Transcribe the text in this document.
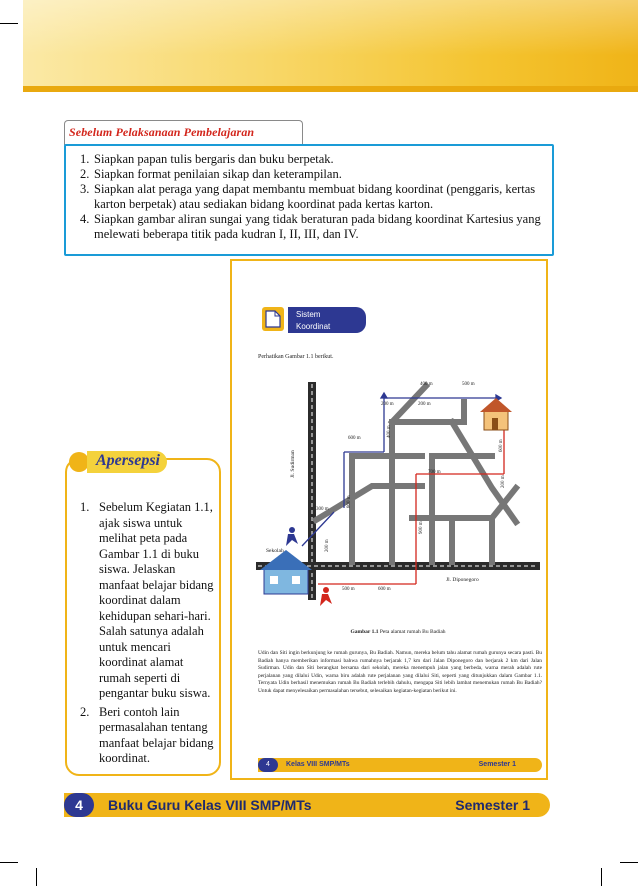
Sebelum Pelaksanaan Pembelajaran
1. Siapkan papan tulis bergaris dan buku berpetak.
2. Siapkan format penilaian sikap dan keterampilan.
3. Siapkan alat peraga yang dapat membantu membuat bidang koordinat (penggaris, kertas karton berpetak) atau sediakan bidang koordinat pada kertas karton.
4. Siapkan gambar aliran sungai yang tidak beraturan pada bidang koordinat Kartesius yang melewati beberapa titik pada kudran I, II, III, dan IV.
Sistem
Koordinat
Perhatikan Gambar 1.1 berikut.
Jl. Sudirman
Jl. Diponegoro
Sekolah
400 m	500 m
200 m	200 m
400 m
600 m
600 m
700 m
200 m
300 m
800 m
200 m
900 m
500 m	600 m
Gambar 1.1 Peta alamat rumah Bu Badiah
Udin dan Siti ingin berkunjung ke rumah gurunya, Bu Badiah. Namun, mereka belum tahu alamat rumah gurunya secara pasti. Bu Badiah hanya memberikan informasi bahwa rumahnya berjarak 1,7 km dari Jalan Diponegoro dan berjarak 2 km dari Jalan Sudirman. Udin dan Siti berangkat bersama dari sekolah, mereka menempuh jalan yang berbeda, warna merah adalah rute perjalanan yang dilalui Udin, warna biru adalah rute perjalanan yang dilalui Siti, seperti yang ditunjukkan dalam Gambar 1.1. Ternyata Udin berhasil menemukan rumah Bu Badiah terlebih dahulu, mengapa Siti lebih lambat menemukan rumah Bu Badiah? Untuk dapat menyelesaikan permasalahan tersebut, selesaikan kegiatan-kegiatan berikut ini.
4	Kelas VIII SMP/MTs	Semester 1
Apersepsi
1. Sebelum Kegiatan 1.1, ajak siswa untuk melihat peta pada Gambar 1.1 di buku siswa. Jelaskan manfaat belajar bidang koordinat dalam kehidupan sehari-hari. Salah satunya adalah untuk mencari koordinat alamat rumah seperti di pengantar buku siswa.
2. Beri contoh lain permasalahan tentang manfaat belajar bidang koordinat.
4	Buku Guru Kelas VIII SMP/MTs	Semester 1
